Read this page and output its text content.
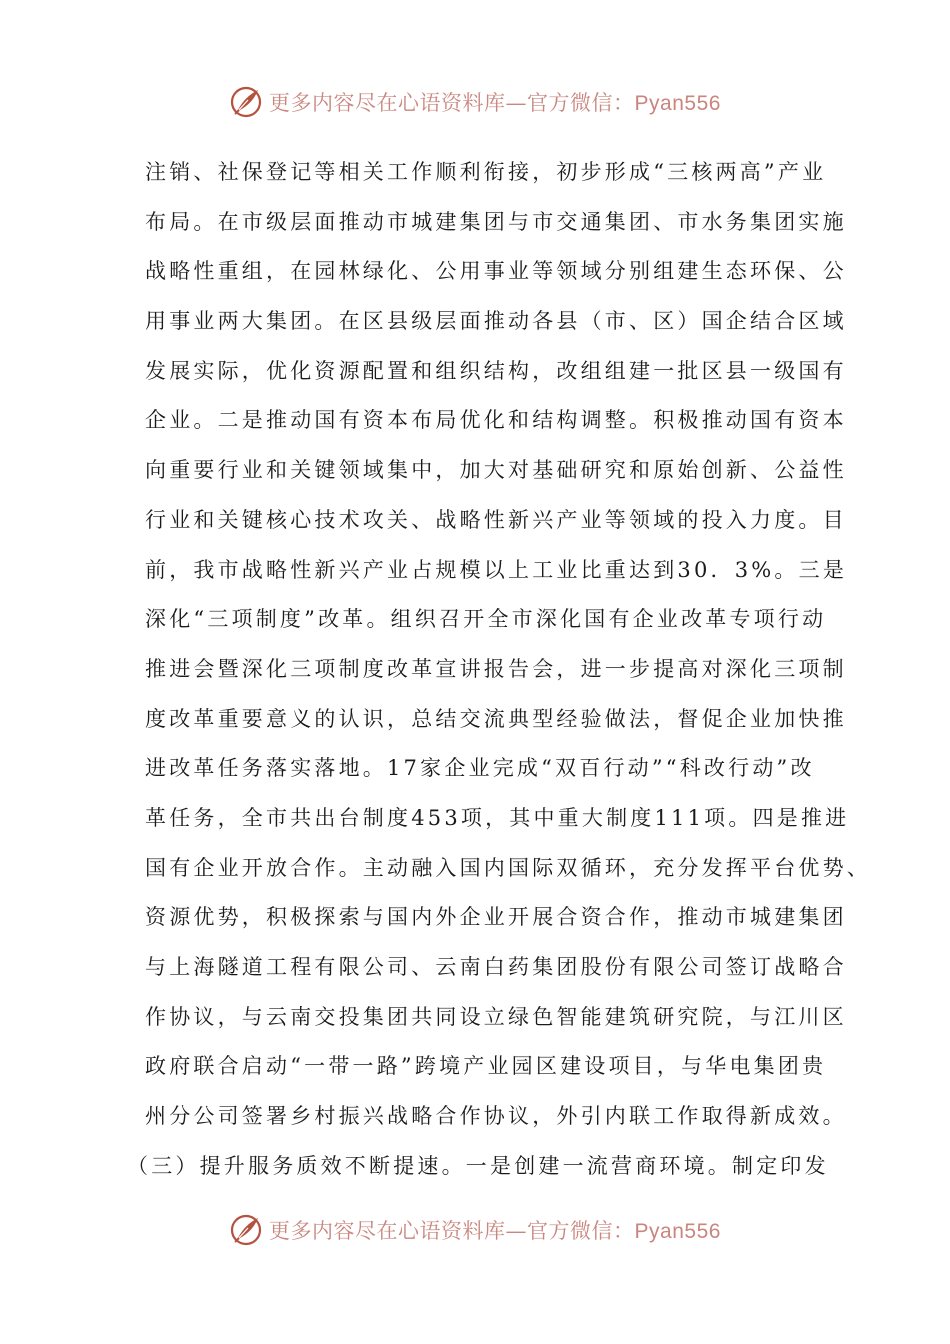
更多内容尽在心语资料库—官方微信：Pyan556
注销、社保登记等相关工作顺利衔接，初步形成“三核两高”产业
布局。在市级层面推动市城建集团与市交通集团、市水务集团实施
战略性重组，在园林绿化、公用事业等领域分别组建生态环保、公
用事业两大集团。在区县级层面推动各县（市、区）国企结合区域
发展实际，优化资源配置和组织结构，改组组建一批区县一级国有
企业。二是推动国有资本布局优化和结构调整。积极推动国有资本
向重要行业和关键领域集中，加大对基础研究和原始创新、公益性
行业和关键核心技术攻关、战略性新兴产业等领域的投入力度。目
前，我市战略性新兴产业占规模以上工业比重达到30．3%。三是
深化“三项制度”改革。组织召开全市深化国有企业改革专项行动
推进会暨深化三项制度改革宣讲报告会，进一步提高对深化三项制
度改革重要意义的认识，总结交流典型经验做法，督促企业加快推
进改革任务落实落地。17家企业完成“双百行动”“科改行动”改
革任务，全市共出台制度453项，其中重大制度111项。四是推进
国有企业开放合作。主动融入国内国际双循环，充分发挥平台优势、
资源优势，积极探索与国内外企业开展合资合作，推动市城建集团
与上海隧道工程有限公司、云南白药集团股份有限公司签订战略合
作协议，与云南交投集团共同设立绿色智能建筑研究院，与江川区
政府联合启动“一带一路”跨境产业园区建设项目，与华电集团贵
州分公司签署乡村振兴战略合作协议，外引内联工作取得新成效。
（三）提升服务质效不断提速。一是创建一流营商环境。制定印发
更多内容尽在心语资料库—官方微信：Pyan556
